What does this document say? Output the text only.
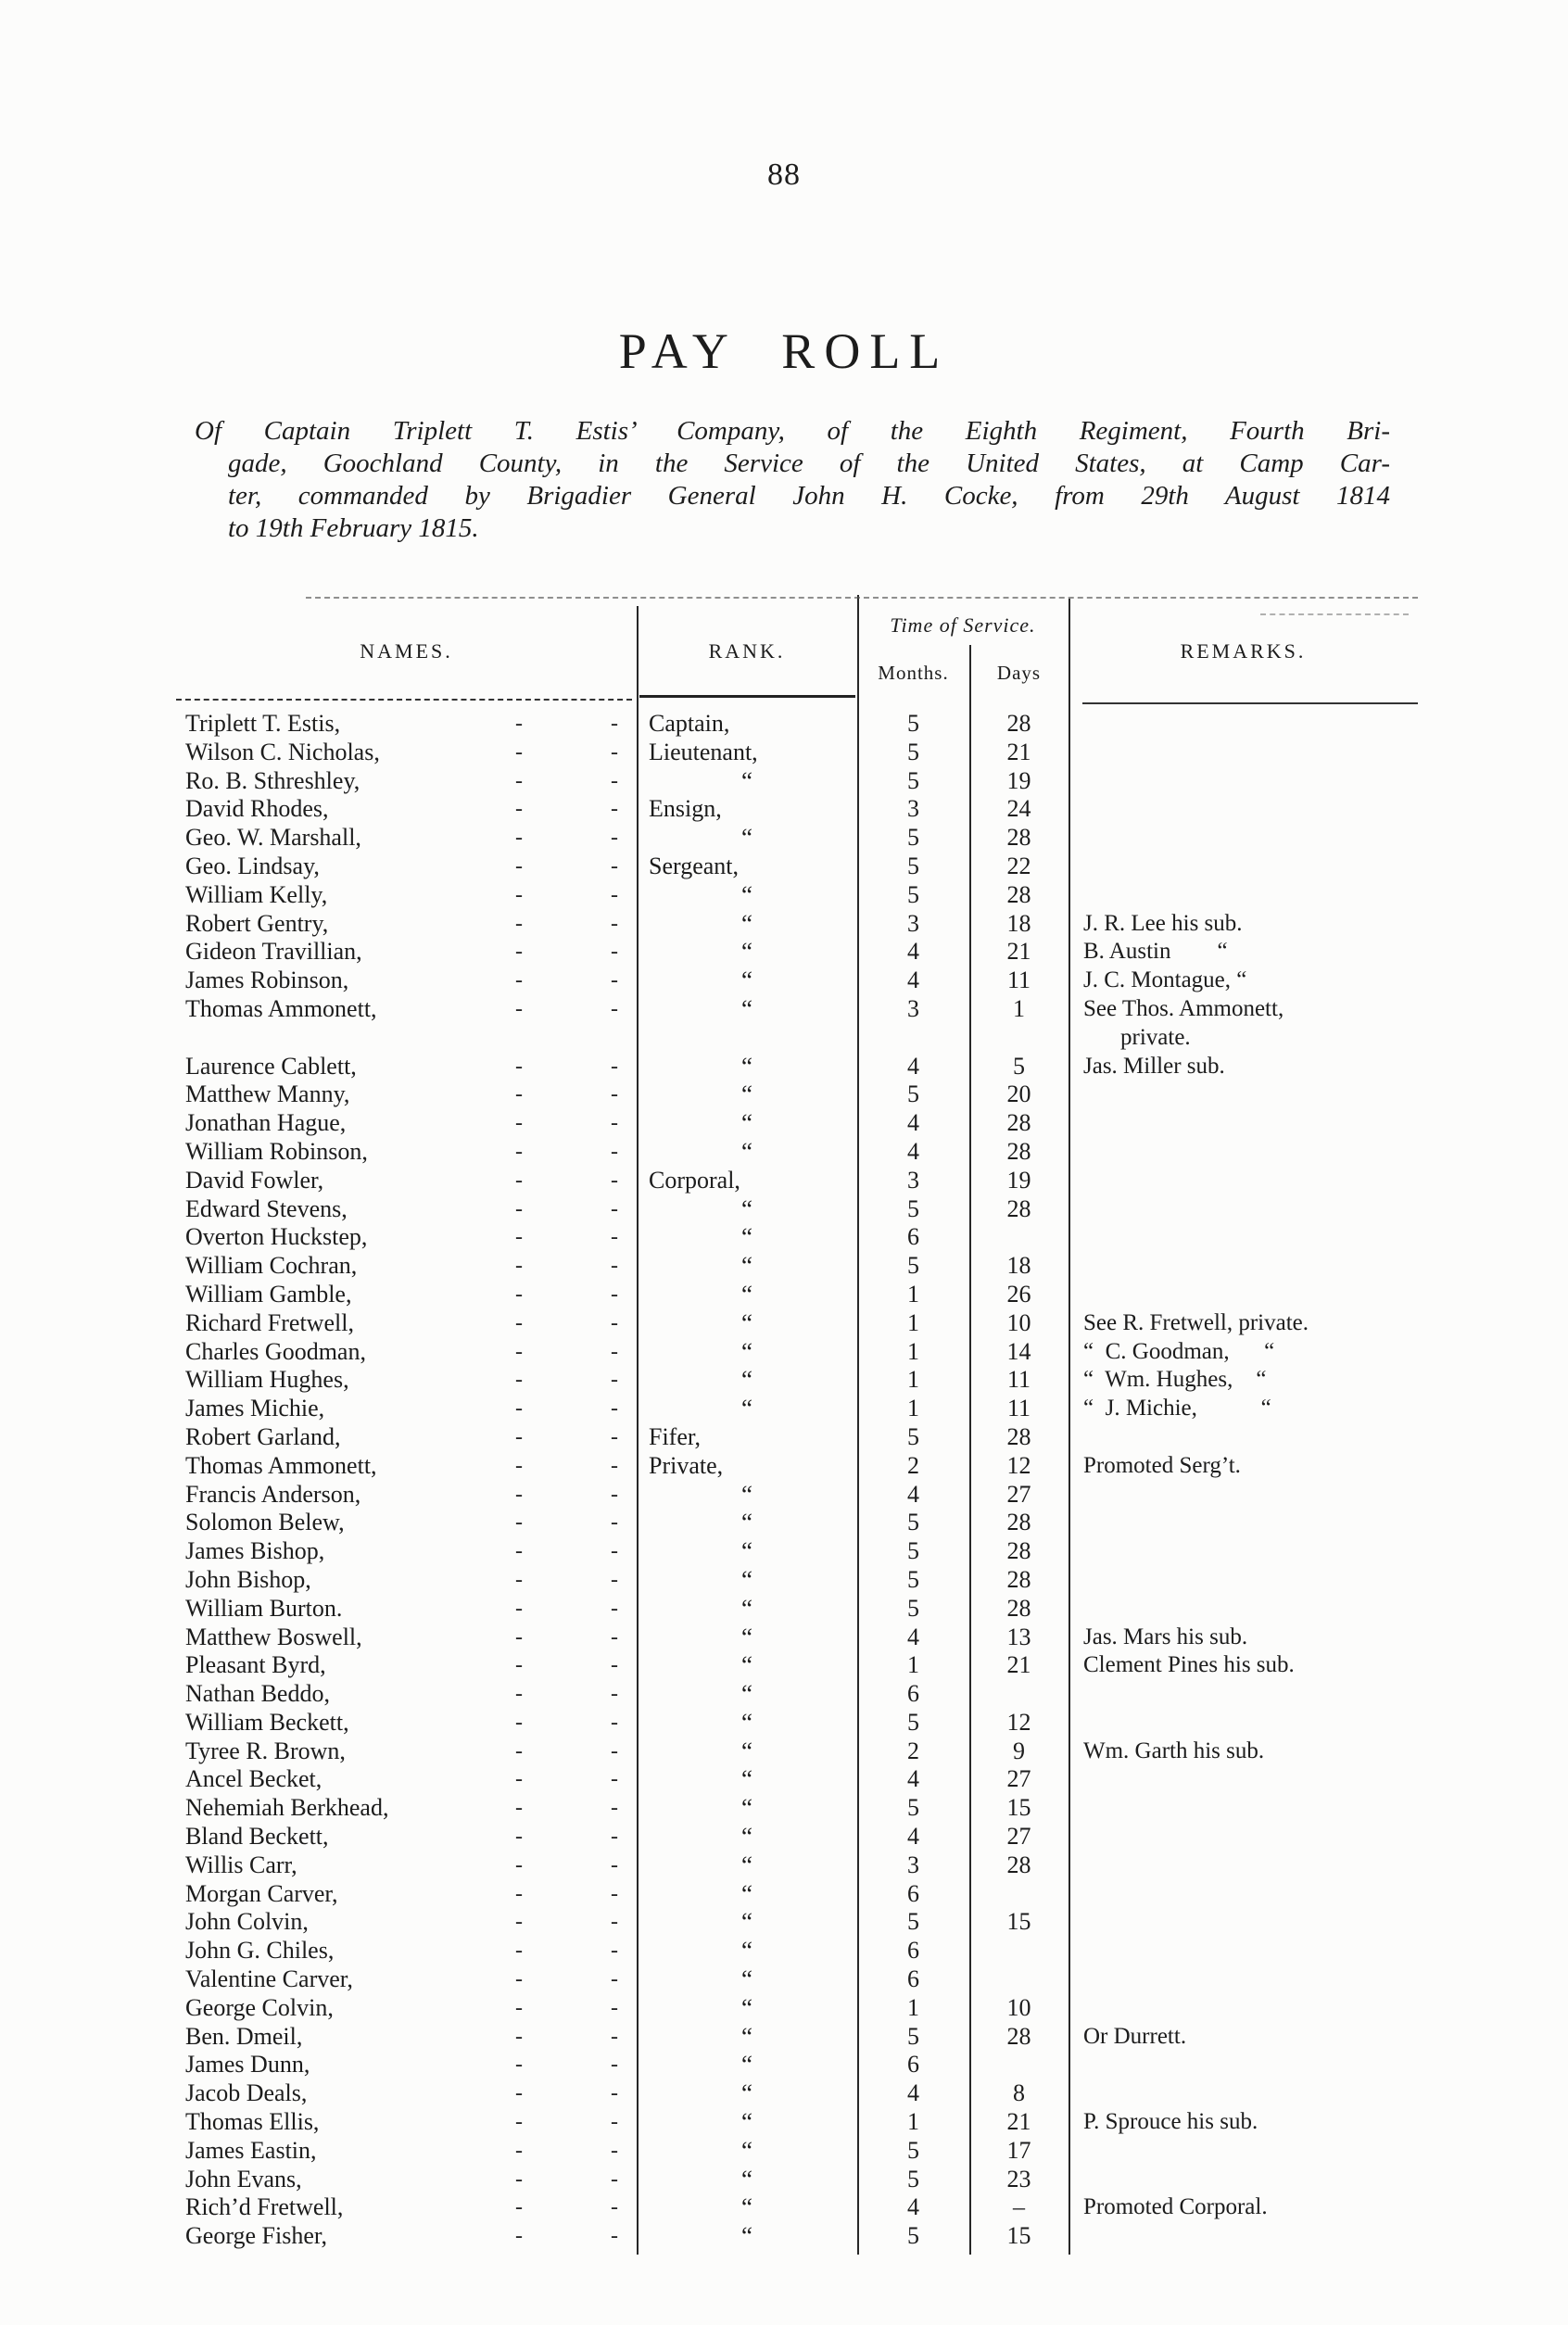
88
PAY ROLL
Of Captain Triplett T. Estis’ Company, of the Eighth Regiment, Fourth Bri-
gade, Goochland County, in the Service of the United States, at Camp Car-
ter, commanded by Brigadier General John H. Cocke, from 29th August 1814
to 19th February 1815.
NAMES.	RANK.
Time of Service.
Months.	Days
REMARKS.
Triplett T. Estis,	-	-	Captain,	5	28
Wilson C. Nicholas,	-	-	Lieutenant,	5	21
Ro. B. Sthreshley,	-	-	“	5	19
David Rhodes,	-	-	Ensign,	3	24
Geo. W. Marshall,	-	-	“	5	28
Geo. Lindsay,	-	-	Sergeant,	5	22
William Kelly,	-	-	“	5	28
Robert Gentry,	-	-	“	3	18	J. R. Lee his sub.
Gideon Travillian,	-	-	“	4	21	B. Austin        “
James Robinson,	-	-	“	4	11	J. C. Montague, “
Thomas Ammonett,	-	-	“	3	1	See Thos. Ammonett,
private.
Laurence Cablett,	-	-	“	4	5	Jas. Miller sub.
Matthew Manny,	-	-	“	5	20
Jonathan Hague,	-	-	“	4	28
William Robinson,	-	-	“	4	28
David Fowler,	-	-	Corporal,	3	19
Edward Stevens,	-	-	“	5	28
Overton Huckstep,	-	-	“	6
William Cochran,	-	-	“	5	18
William Gamble,	-	-	“	1	26
Richard Fretwell,	-	-	“	1	10	See R. Fretwell, private.
Charles Goodman,	-	-	“	1	14	“  C. Goodman,      “
William Hughes,	-	-	“	1	11	“  Wm. Hughes,    “
James Michie,	-	-	“	1	11	“  J. Michie,           “
Robert Garland,	-	-	Fifer,	5	28
Thomas Ammonett,	-	-	Private,	2	12	Promoted Serg’t.
Francis Anderson,	-	-	“	4	27
Solomon Belew,	-	-	“	5	28
James Bishop,	-	-	“	5	28
John Bishop,	-	-	“	5	28
William Burton.	-	-	“	5	28
Matthew Boswell,	-	-	“	4	13	Jas. Mars his sub.
Pleasant Byrd,	-	-	“	1	21	Clement Pines his sub.
Nathan Beddo,	-	-	“	6
William Beckett,	-	-	“	5	12
Tyree R. Brown,	-	-	“	2	9	Wm. Garth his sub.
Ancel Becket,	-	-	“	4	27
Nehemiah Berkhead,	-	-	“	5	15
Bland Beckett,	-	-	“	4	27
Willis Carr,	-	-	“	3	28
Morgan Carver,	-	-	“	6
John Colvin,	-	-	“	5	15
John G. Chiles,	-	-	“	6
Valentine Carver,	-	-	“	6
George Colvin,	-	-	“	1	10
Ben. Dmeil,	-	-	“	5	28	Or Durrett.
James Dunn,	-	-	“	6
Jacob Deals,	-	-	“	4	8
Thomas Ellis,	-	-	“	1	21	P. Sprouce his sub.
James Eastin,	-	-	“	5	17
John Evans,	-	-	“	5	23
Rich’d Fretwell,	-	-	“	4	–	Promoted Corporal.
George Fisher,	-	-	“	5	15
